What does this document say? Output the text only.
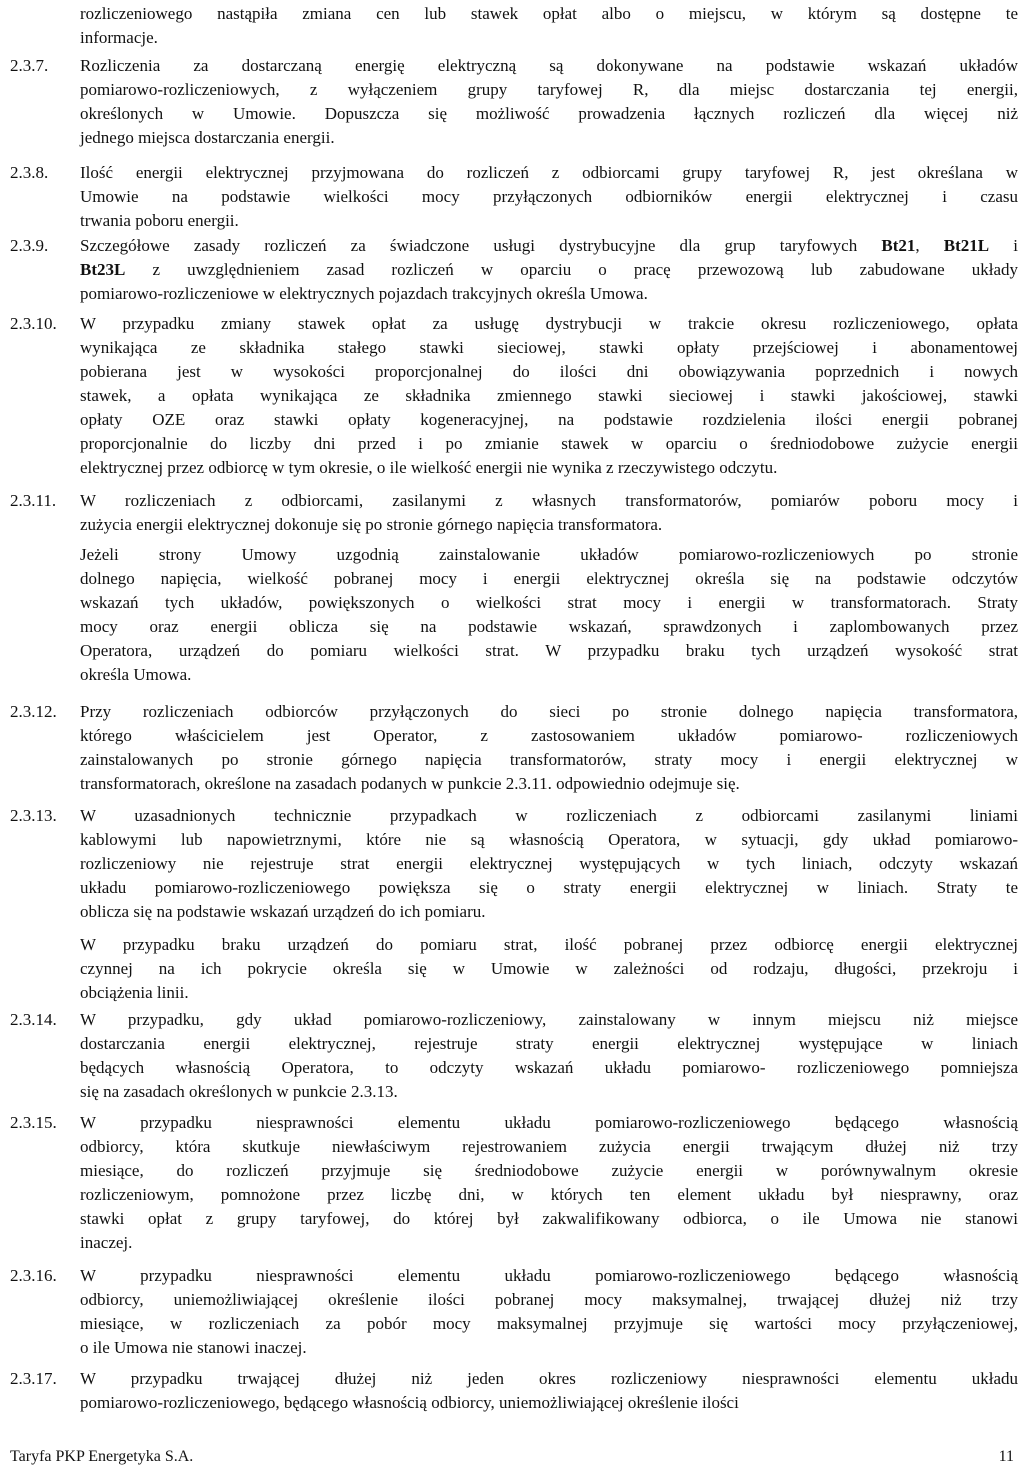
rozliczeniowego nastąpiła zmiana cen lub stawek opłat albo o miejscu, w którym są dostępne te
informacje.
2.3.7. Rozliczenia za dostarczaną energię elektryczną są dokonywane na podstawie wskazań układów
pomiarowo-rozliczeniowych, z wyłączeniem grupy taryfowej R, dla miejsc dostarczania tej energii,
określonych w Umowie. Dopuszcza się możliwość prowadzenia łącznych rozliczeń dla więcej niż
jednego miejsca dostarczania energii.
2.3.8. Ilość energii elektrycznej przyjmowana do rozliczeń z odbiorcami grupy taryfowej R, jest określana w
Umowie na podstawie wielkości mocy przyłączonych odbiorników energii elektrycznej i czasu
trwania poboru energii.
2.3.9. Szczegółowe zasady rozliczeń za świadczone usługi dystrybucyjne dla grup taryfowych Bt21, Bt21L i
Bt23L z uwzględnieniem zasad rozliczeń w oparciu o pracę przewozową lub zabudowane układy
pomiarowo-rozliczeniowe w elektrycznych pojazdach trakcyjnych określa Umowa.
2.3.10. W przypadku zmiany stawek opłat za usługę dystrybucji w trakcie okresu rozliczeniowego, opłata
wynikająca ze składnika stałego stawki sieciowej, stawki opłaty przejściowej i abonamentowej
pobierana jest w wysokości proporcjonalnej do ilości dni obowiązywania poprzednich i nowych
stawek, a opłata wynikająca ze składnika zmiennego stawki sieciowej i stawki jakościowej, stawki
opłaty OZE oraz stawki opłaty kogeneracyjnej, na podstawie rozdzielenia ilości energii pobranej
proporcjonalnie do liczby dni przed i po zmianie stawek w oparciu o średniodobowe zużycie energii
elektrycznej przez odbiorcę w tym okresie, o ile wielkość energii nie wynika z rzeczywistego odczytu.
2.3.11. W rozliczeniach z odbiorcami, zasilanymi z własnych transformatorów, pomiarów poboru mocy i
zużycia energii elektrycznej dokonuje się po stronie górnego napięcia transformatora.
Jeżeli strony Umowy uzgodnią zainstalowanie układów pomiarowo-rozliczeniowych po stronie
dolnego napięcia, wielkość pobranej mocy i energii elektrycznej określa się na podstawie odczytów
wskazań tych układów, powiększonych o wielkości strat mocy i energii w transformatorach. Straty
mocy oraz energii oblicza się na podstawie wskazań, sprawdzonych i zaplombowanych przez
Operatora, urządzeń do pomiaru wielkości strat. W przypadku braku tych urządzeń wysokość strat
określa Umowa.
2.3.12. Przy rozliczeniach odbiorców przyłączonych do sieci po stronie dolnego napięcia transformatora,
którego właścicielem jest Operator, z zastosowaniem układów pomiarowo- rozliczeniowych
zainstalowanych po stronie górnego napięcia transformatorów, straty mocy i energii elektrycznej w
transformatorach, określone na zasadach podanych w punkcie 2.3.11. odpowiednio odejmuje się.
2.3.13. W uzasadnionych technicznie przypadkach w rozliczeniach z odbiorcami zasilanymi liniami
kablowymi lub napowietrznymi, które nie są własnością Operatora, w sytuacji, gdy układ pomiarowo-
rozliczeniowy nie rejestruje strat energii elektrycznej występujących w tych liniach, odczyty wskazań
układu pomiarowo-rozliczeniowego powiększa się o straty energii elektrycznej w liniach. Straty te
oblicza się na podstawie wskazań urządzeń do ich pomiaru.
W przypadku braku urządzeń do pomiaru strat, ilość pobranej przez odbiorcę energii elektrycznej
czynnej na ich pokrycie określa się w Umowie w zależności od rodzaju, długości, przekroju i
obciążenia linii.
2.3.14. W przypadku, gdy układ pomiarowo-rozliczeniowy, zainstalowany w innym miejscu niż miejsce
dostarczania energii elektrycznej, rejestruje straty energii elektrycznej występujące w liniach
będących własnością Operatora, to odczyty wskazań układu pomiarowo- rozliczeniowego pomniejsza
się na zasadach określonych w punkcie 2.3.13.
2.3.15. W przypadku niesprawności elementu układu pomiarowo-rozliczeniowego będącego własnością
odbiorcy, która skutkuje niewłaściwym rejestrowaniem zużycia energii trwającym dłużej niż trzy
miesiące, do rozliczeń przyjmuje się średniodobowe zużycie energii w porównywalnym okresie
rozliczeniowym, pomnożone przez liczbę dni, w których ten element układu był niesprawny, oraz
stawki opłat z grupy taryfowej, do której był zakwalifikowany odbiorca, o ile Umowa nie stanowi
inaczej.
2.3.16. W przypadku niesprawności elementu układu pomiarowo-rozliczeniowego będącego własnością
odbiorcy, uniemożliwiającej określenie ilości pobranej mocy maksymalnej, trwającej dłużej niż trzy
miesiące, w rozliczeniach za pobór mocy maksymalnej przyjmuje się wartości mocy przyłączeniowej,
o ile Umowa nie stanowi inaczej.
2.3.17. W przypadku trwającej dłużej niż jeden okres rozliczeniowy niesprawności elementu układu
pomiarowo-rozliczeniowego, będącego własnością odbiorcy, uniemożliwiającej określenie ilości
Taryfa PKP Energetyka S.A.	11
